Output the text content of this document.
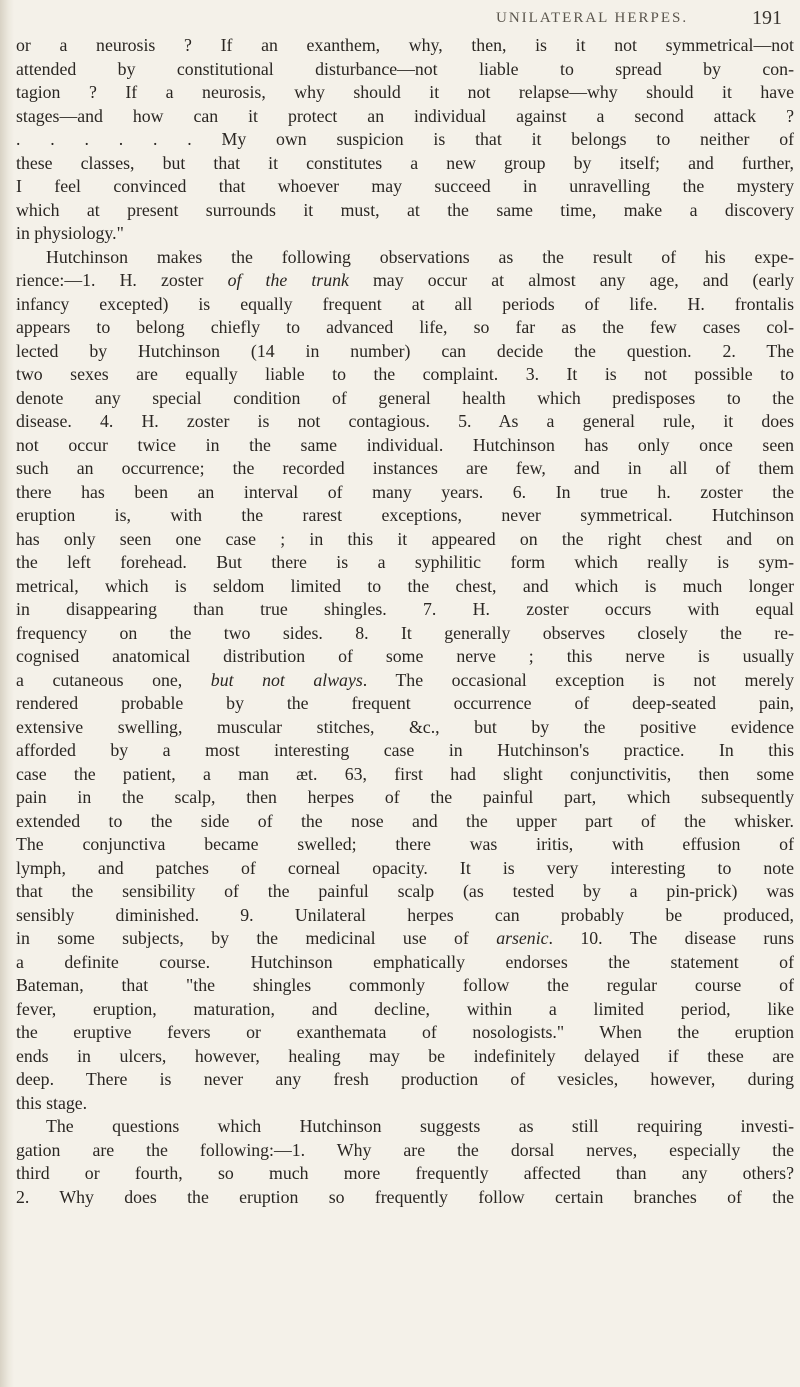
UNILATERAL HERPES.	191
or a neurosis ? If an exanthem, why, then, is it not symmetrical—not
attended by constitutional disturbance—not liable to spread by con-
tagion ? If a neurosis, why should it not relapse—why should it have
stages—and how can it protect an individual against a second attack ?
. . . . . . My own suspicion is that it belongs to neither of
these classes, but that it constitutes a new group by itself; and further,
I feel convinced that whoever may succeed in unravelling the mystery
which at present surrounds it must, at the same time, make a discovery
in physiology."
Hutchinson makes the following observations as the result of his expe-
rience:—1. H. zoster of the trunk may occur at almost any age, and (early
infancy excepted) is equally frequent at all periods of life. H. frontalis
appears to belong chiefly to advanced life, so far as the few cases col-
lected by Hutchinson (14 in number) can decide the question. 2. The
two sexes are equally liable to the complaint. 3. It is not possible to
denote any special condition of general health which predisposes to the
disease. 4. H. zoster is not contagious. 5. As a general rule, it does
not occur twice in the same individual. Hutchinson has only once seen
such an occurrence; the recorded instances are few, and in all of them
there has been an interval of many years. 6. In true h. zoster the
eruption is, with the rarest exceptions, never symmetrical. Hutchinson
has only seen one case ; in this it appeared on the right chest and on
the left forehead. But there is a syphilitic form which really is sym-
metrical, which is seldom limited to the chest, and which is much longer
in disappearing than true shingles. 7. H. zoster occurs with equal
frequency on the two sides. 8. It generally observes closely the re-
cognised anatomical distribution of some nerve ; this nerve is usually
a cutaneous one, but not always. The occasional exception is not merely
rendered probable by the frequent occurrence of deep-seated pain,
extensive swelling, muscular stitches, &c., but by the positive evidence
afforded by a most interesting case in Hutchinson's practice. In this
case the patient, a man æt. 63, first had slight conjunctivitis, then some
pain in the scalp, then herpes of the painful part, which subsequently
extended to the side of the nose and the upper part of the whisker.
The conjunctiva became swelled; there was iritis, with effusion of
lymph, and patches of corneal opacity. It is very interesting to note
that the sensibility of the painful scalp (as tested by a pin-prick) was
sensibly diminished. 9. Unilateral herpes can probably be produced,
in some subjects, by the medicinal use of arsenic. 10. The disease runs
a definite course. Hutchinson emphatically endorses the statement of
Bateman, that "the shingles commonly follow the regular course of
fever, eruption, maturation, and decline, within a limited period, like
the eruptive fevers or exanthemata of nosologists." When the eruption
ends in ulcers, however, healing may be indefinitely delayed if these are
deep. There is never any fresh production of vesicles, however, during
this stage.
The questions which Hutchinson suggests as still requiring investi-
gation are the following:—1. Why are the dorsal nerves, especially the
third or fourth, so much more frequently affected than any others?
2. Why does the eruption so frequently follow certain branches of the
